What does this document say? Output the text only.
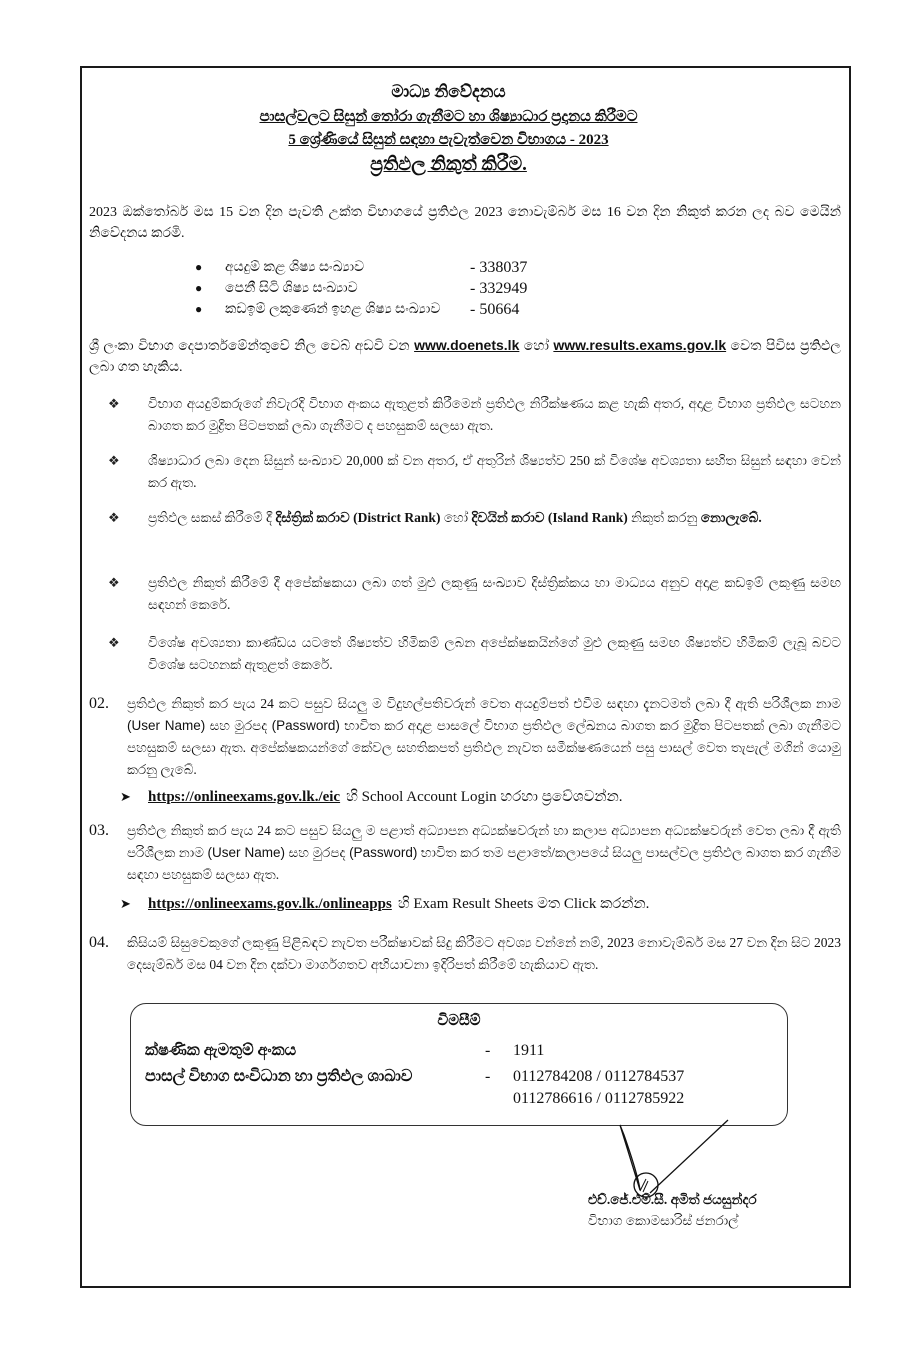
මාධ්‍ය නිවේදනය
පාසල්වලට සිසුන් තෝරා ගැනීමට හා ශිෂ්‍යාධාර ප්‍රදානය කිරීමට
5 ශ්‍රේණියේ සිසුන් සඳහා පැවැත්වෙන විභාගය - 2023
ප්‍රතිඵල නිකුත් කිරීම.

2023 ඔක්තෝබර් මස 15 වන දින පැවති උක්ත විභාගයේ ප්‍රතිඵල 2023 නොවැම්බර් මස 16 වන දින නිකුත් කරන ලද බව මෙයින් නිවේදනය කරමි.

●	අයදුම් කළ ශිෂ්‍ය සංඛ්‍යාව	- 338037
●	පෙනී සිටි ශිෂ්‍ය සංඛ්‍යාව	- 332949
●	කඩඉම් ලකුණෙන් ඉහළ ශිෂ්‍ය සංඛ්‍යාව	- 50664

ශ්‍රී ලංකා විභාග දෙපාර්තමේන්තුවේ නිල වෙබ් අඩවි වන www.doenets.lk හෝ www.results.exams.gov.lk වෙත පිවිස ප්‍රතිඵල ලබා ගත හැකිය.

❖	විභාග අයදුම්කරුගේ නිවැරදි විභාග අංකය ඇතුළත් කිරීමෙන් ප්‍රතිඵල නිරීක්ෂණය කළ හැකි අතර, අදාළ විභාග ප්‍රතිඵල සටහන බාගත කර මුද්‍රිත පිටපතක් ලබා ගැනීමට ද පහසුකම් සලසා ඇත.
❖	ශිෂ්‍යාධාර ලබා දෙන සිසුන් සංඛ්‍යාව 20,000 ක් වන අතර, ඒ අතුරින් ශිෂ්‍යත්ව 250 ක් විශේෂ අවශ්‍යතා සහිත සිසුන් සඳහා වෙන් කර ඇත.
❖	ප්‍රතිඵල සකස් කිරීමේ දී දිස්ත්‍රික් කරාව (District Rank) හෝ දිවයින් කරාව (Island Rank) නිකුත් කරනු නොලැබේ.
❖	ප්‍රතිඵල නිකුත් කිරීමේ දී අපේක්ෂකයා ලබා ගත් මුළු ලකුණු සංඛ්‍යාව දිස්ත්‍රික්කය හා මාධ්‍යය අනුව අදාළ කඩඉම් ලකුණු සමඟ සඳහන් කෙරේ.
❖	විශේෂ අවශ්‍යතා කාණ්ඩය යටතේ ශිෂ්‍යත්ව හිමිකම් ලබන අපේක්ෂකයින්ගේ මුළු ලකුණු සමඟ ශිෂ්‍යත්ව හිමිකම් ලැබූ බවට විශේෂ සටහනක් ඇතුළත් කෙරේ.
02.	ප්‍රතිඵල නිකුත් කර පැය 24 කට පසුව සියලු ම විදුහල්පතිවරුන් වෙත අයදුම්පත් එවීම සඳහා දැනටමත් ලබා දී ඇති පරිශීලක නාම (User Name) සහ මුරපද (Password) භාවිත කර අදාළ පාසලේ විභාග ප්‍රතිඵල ලේඛනය බාගත කර මුද්‍රිත පිටපතක් ලබා ගැනීමට පහසුකම් සලසා ඇත. අපේක්ෂකයන්ගේ කේවල සහතිකපත් ප්‍රතිඵල නැවත සමීක්ෂණයෙන් පසු පාසල් වෙත තැපැල් මගින් යොමු කරනු ලැබේ.
➤	https://onlineexams.gov.lk./eic හි School Account Login හරහා ප්‍රවේශවන්න.
03.	ප්‍රතිඵල නිකුත් කර පැය 24 කට පසුව සියලු ම පළාත් අධ්‍යාපන අධ්‍යක්ෂවරුන් හා කලාප අධ්‍යාපන අධ්‍යක්ෂවරුන් වෙත ලබා දී ඇති පරිශීලක නාම (User Name) සහ මුරපද (Password) භාවිත කර තම පළාතේ/කලාපයේ සියලු පාසල්වල ප්‍රතිඵල බාගත කර ගැනීම සඳහා පහසුකම් සලසා ඇත.
➤	https://onlineexams.gov.lk./onlineapps හි Exam Result Sheets මත Click කරන්න.
04.	කිසියම් සිසුවෙකුගේ ලකුණු පිළිබඳව නැවත පරීක්ෂාවක් සිදු කිරීමට අවශ්‍ය වන්නේ නම්, 2023 නොවැම්බර් මස 27 වන දින සිට 2023 දෙසැම්බර් මස 04 වන දින දක්වා මාර්ගගතව අභියාචනා ඉදිරිපත් කිරීමේ හැකියාව ඇත.
විමසීම්
ක්ෂණික ඇමතුම් අංකය	-	1911
පාසල් විභාග සංවිධාන හා ප්‍රතිඵල ශාඛාව	-	0112784208 / 0112784537
0112786616 / 0112785922
එච්.ජේ.එම්.සී. අමිත් ජයසුන්දර
විභාග කොමසාරිස් ජනරාල්
